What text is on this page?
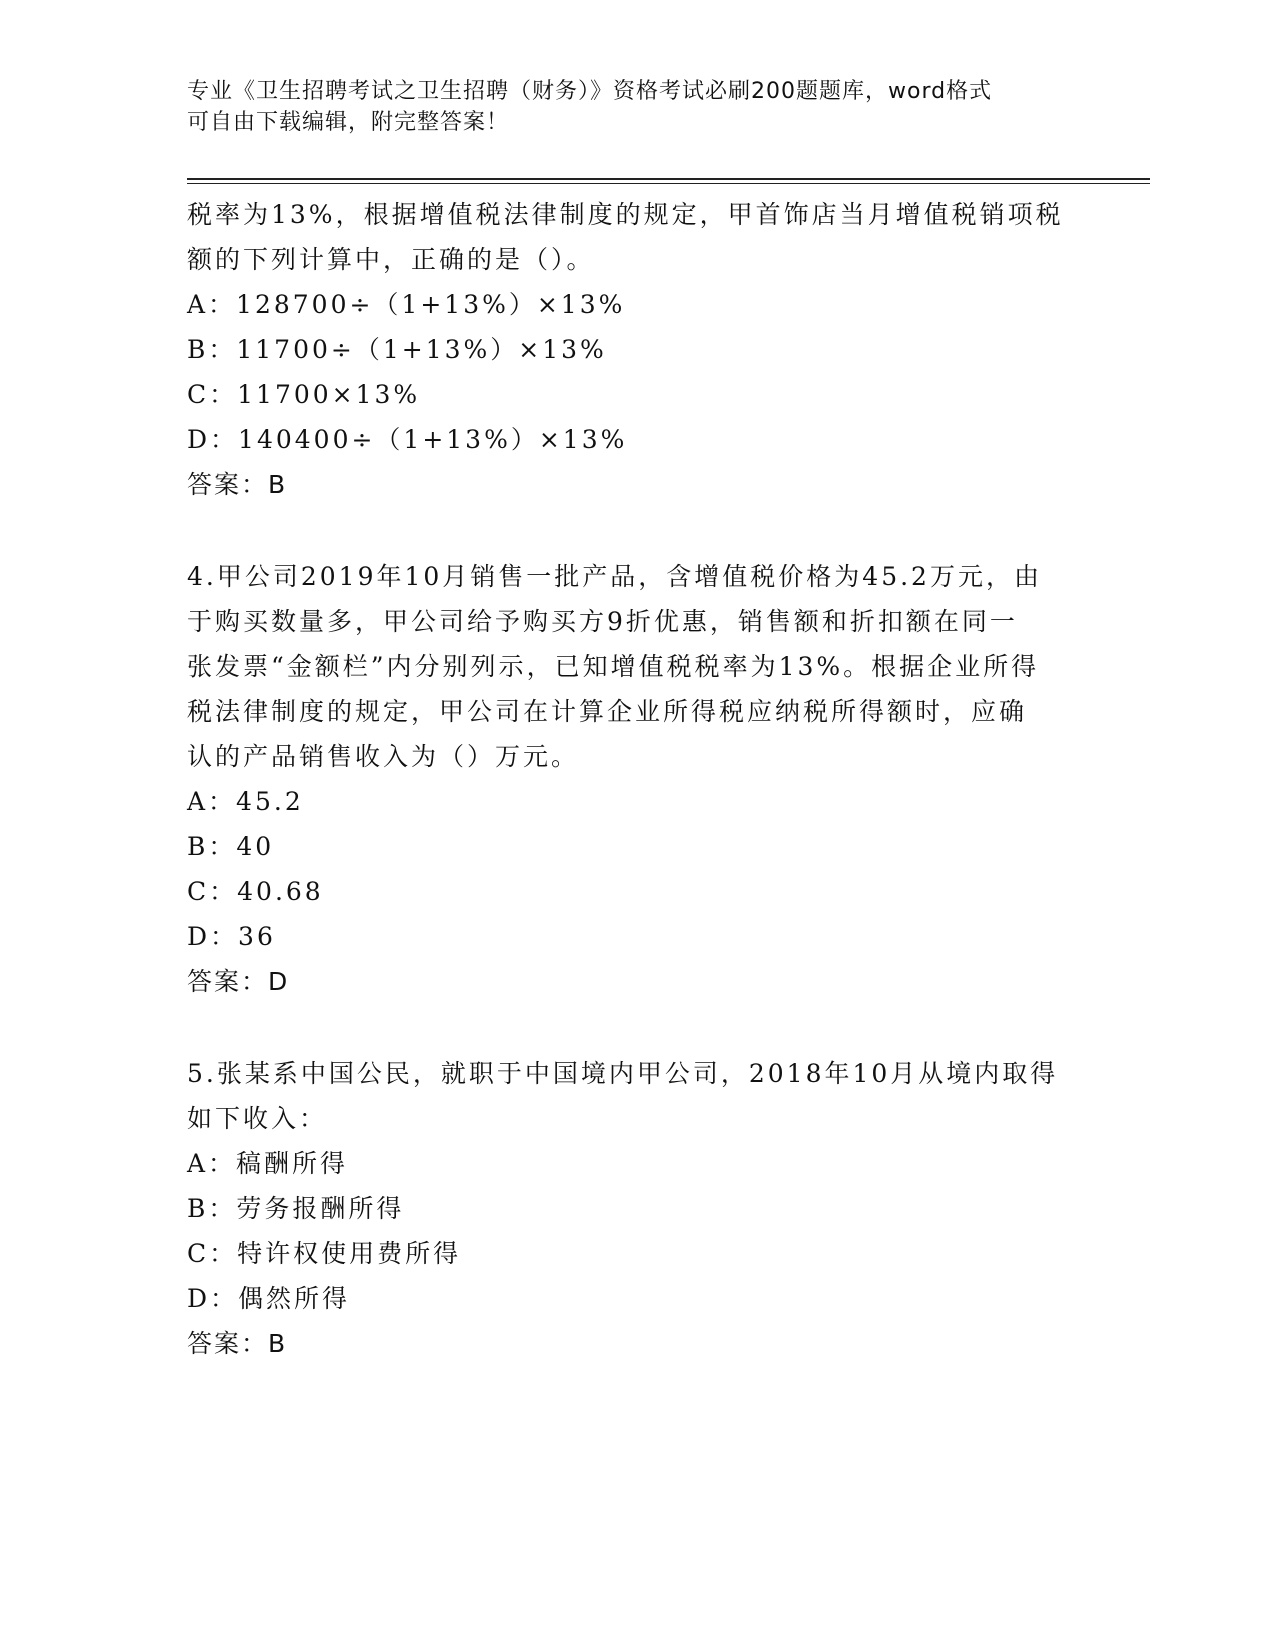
专业《卫生招聘考试之卫生招聘（财务）》资格考试必刷200题题库，word格式
可自由下载编辑，附完整答案！
税率为13%，根据增值税法律制度的规定，甲首饰店当月增值税销项税
额的下列计算中，正确的是（）。
A：128700÷（1+13%）×13%
B：11700÷（1+13%）×13%
C：11700×13%
D：140400÷（1+13%）×13%
答案：B
4.甲公司2019年10月销售一批产品，含增值税价格为45.2万元，由
于购买数量多，甲公司给予购买方9折优惠，销售额和折扣额在同一
张发票“金额栏”内分别列示，已知增值税税率为13%。根据企业所得
税法律制度的规定，甲公司在计算企业所得税应纳税所得额时，应确
认的产品销售收入为（）万元。
A：45.2
B：40
C：40.68
D：36
答案：D
5.张某系中国公民，就职于中国境内甲公司，2018年10月从境内取得
如下收入：
A：稿酬所得
B：劳务报酬所得
C：特许权使用费所得
D：偶然所得
答案：B
